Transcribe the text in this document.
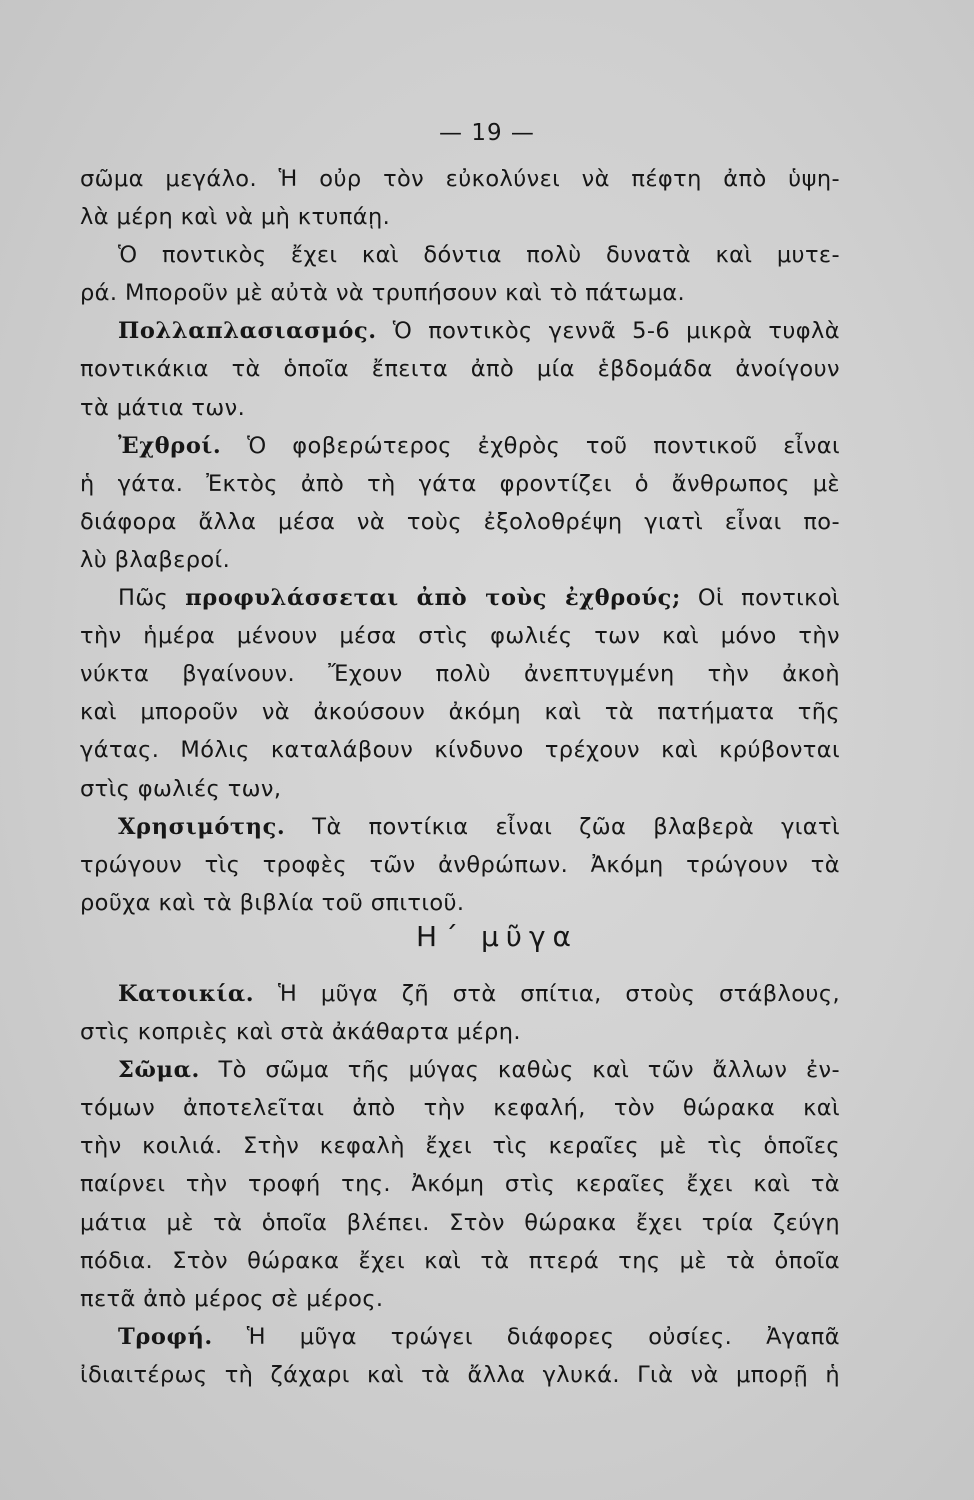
— 19 —
σῶμα μεγάλο. Ἡ οὐρ τὸν εὐκολύνει νὰ πέφτη ἀπὸ ὑψη-
λὰ μέρη καὶ νὰ μὴ κτυπάῃ.
Ὁ ποντικὸς ἔχει καὶ δόντια πολὺ δυνατὰ καὶ μυτε-
ρά. Μποροῦν μὲ αὐτὰ νὰ τρυπήσουν καὶ τὸ πάτωμα.
Πολλαπλασιασμός. Ὁ ποντικὸς γεννᾶ 5-6 μικρὰ τυφλὰ
ποντικάκια τὰ ὁποῖα ἔπειτα ἀπὸ μία ἑβδομάδα ἀνοίγουν
τὰ μάτια των.
Ἐχθροί. Ὁ φοβερώτερος ἐχθρὸς τοῦ ποντικοῦ εἶναι
ἡ γάτα. Ἐκτὸς ἀπὸ τὴ γάτα φροντίζει ὁ ἄνθρωπος μὲ
διάφορα ἄλλα μέσα νὰ τοὺς ἐξολοθρέψη γιατὶ εἶναι πο-
λὺ βλαβεροί.
Πῶς προφυλάσσεται ἀπὸ τοὺς ἐχθρούς; Οἱ ποντικοὶ
τὴν ἡμέρα μένουν μέσα στὶς φωλιές των καὶ μόνο τὴν
νύκτα βγαίνουν. Ἔχουν πολὺ ἀνεπτυγμένη τὴν ἀκοὴ
καὶ μποροῦν νὰ ἀκούσουν ἀκόμη καὶ τὰ πατήματα τῆς
γάτας. Μόλις καταλάβουν κίνδυνο τρέχουν καὶ κρύβονται
στὶς φωλιές των,
Χρησιμότης. Τὰ ποντίκια εἶναι ζῶα βλαβερὰ γιατὶ
τρώγουν τὶς τροφὲς τῶν ἀνθρώπων. Ἀκόμη τρώγουν τὰ
ροῦχα καὶ τὰ βιβλία τοῦ σπιτιοῦ.
Η΄ μῦγα
Κατοικία. Ἡ μῦγα ζῆ στὰ σπίτια, στοὺς στάβλους,
στὶς κοπριὲς καὶ στὰ ἀκάθαρτα μέρη.
Σῶμα. Τὸ σῶμα τῆς μύγας καθὼς καὶ τῶν ἄλλων ἐν-
τόμων ἀποτελεῖται ἀπὸ τὴν κεφαλή, τὸν θώρακα καὶ
τὴν κοιλιά. Στὴν κεφαλὴ ἔχει τὶς κεραῖες μὲ τὶς ὁποῖες
παίρνει τὴν τροφή της. Ἀκόμη στὶς κεραῖες ἔχει καὶ τὰ
μάτια μὲ τὰ ὁποῖα βλέπει. Στὸν θώρακα ἔχει τρία ζεύγη
πόδια. Στὸν θώρακα ἔχει καὶ τὰ πτερά της μὲ τὰ ὁποῖα
πετᾶ ἀπὸ μέρος σὲ μέρος.
Τροφή. Ἡ μῦγα τρώγει διάφορες οὐσίες. Ἀγαπᾶ
ἰδιαιτέρως τὴ ζάχαρι καὶ τὰ ἄλλα γλυκά. Γιὰ νὰ μπορῇ ἡ
